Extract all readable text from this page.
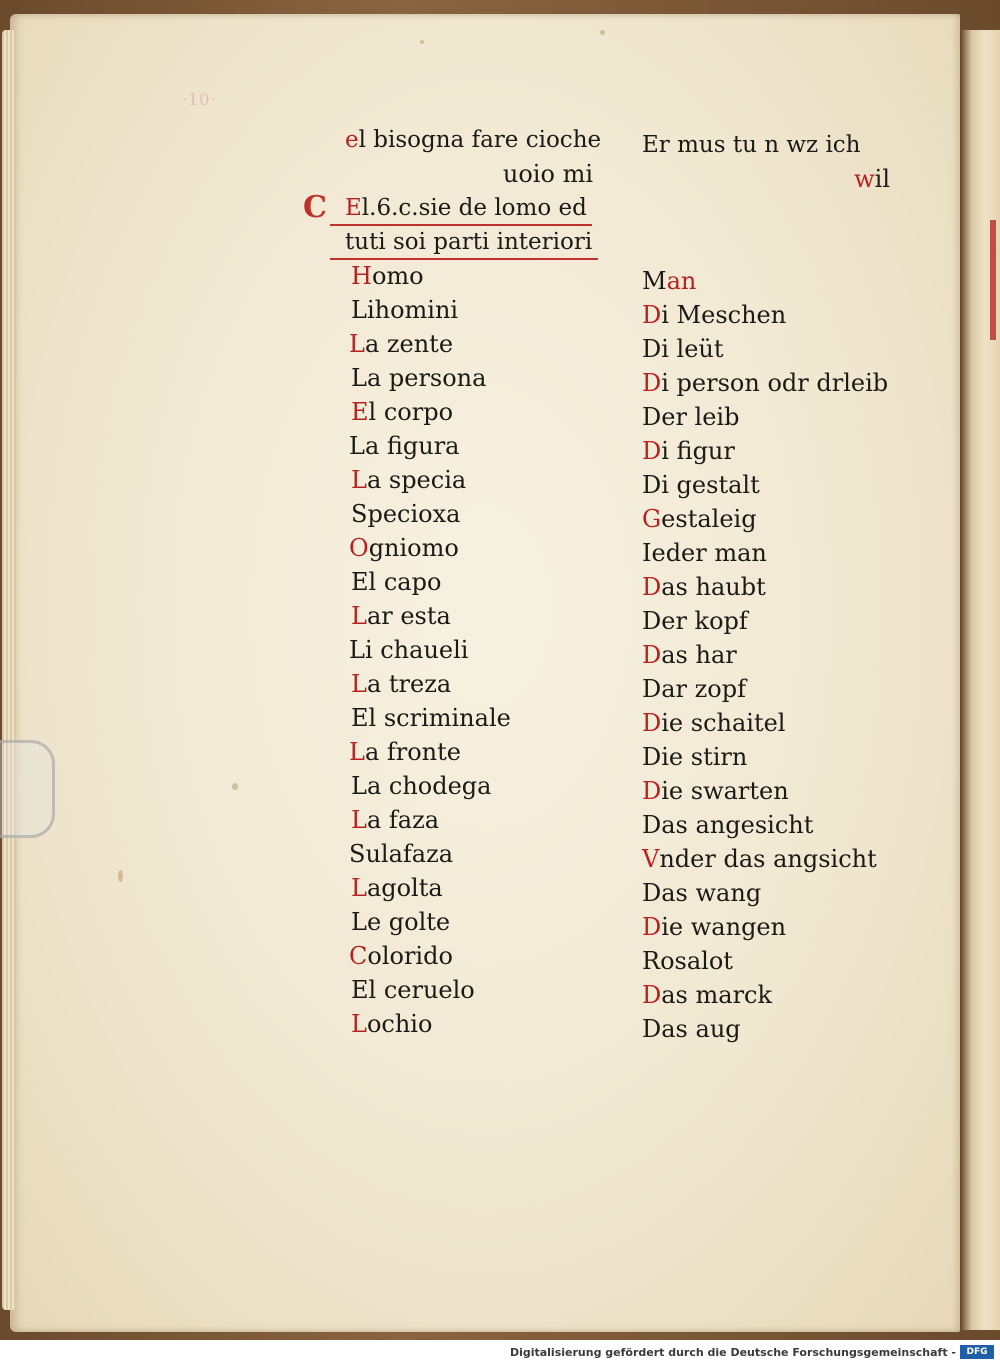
·10·
C
el bisogna fare cioche
uoio mi
El.6.c.sie de lomo ed
tuti soi parti interiori
Homo
Lihomini
La zente
La persona
El corpo
La figura
La specia
Specioxa
Ogniomo
El capo
Lar esta
Li chaueli
La treza
El scriminale
La fronte
La chodega
La faza
Sulafaza
Lagolta
Le golte
Colorido
El ceruelo
Lochio
Er mus tu n wz ich
wil
Man
Di Meschen
Di leüt
Di person odr drleib
Der leib
Di figur
Di gestalt
Gestaleig
Ieder man
Das haubt
Der kopf
Das har
Dar zopf
Die schaitel
Die stirn
Die swarten
Das angesicht
Vnder das angsicht
Das wang
Die wangen
Rosalot
Das marck
Das aug
Digitalisierung gefördert durch die Deutsche Forschungsgemeinschaft -	DFG
